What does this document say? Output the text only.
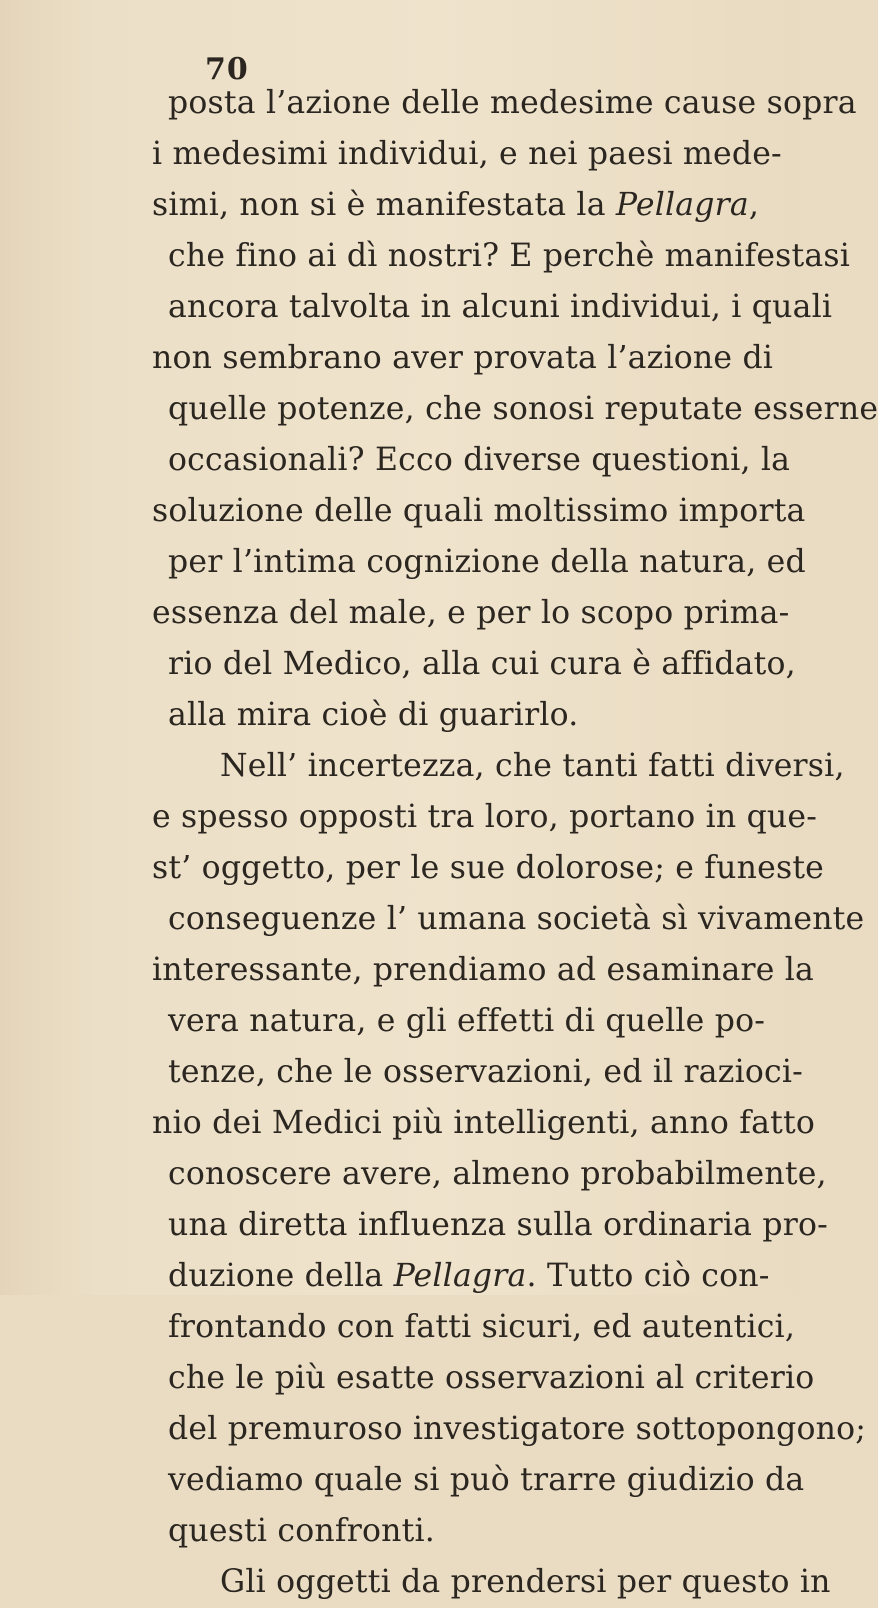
70
posta l’azione delle medesime cause sopra
i medesimi individui, e nei paesi mede-
simi, non si è manifestata la Pellagra,
che fino ai dì nostri? E perchè manifestasi
ancora talvolta in alcuni individui, i quali
non sembrano aver provata l’azione di
quelle potenze, che sonosi reputate esserne
occasionali? Ecco diverse questioni, la
soluzione delle quali moltissimo importa
per l’intima cognizione della natura, ed
essenza del male, e per lo scopo prima-
rio del Medico, alla cui cura è affidato,
alla mira cioè di guarirlo.
Nell’ incertezza, che tanti fatti diversi,
e spesso opposti tra loro, portano in que-
st’ oggetto, per le sue dolorose; e funeste
conseguenze l’ umana società sì vivamente
interessante, prendiamo ad esaminare la
vera natura, e gli effetti di quelle po-
tenze, che le osservazioni, ed il razioci-
nio dei Medici più intelligenti, anno fatto
conoscere avere, almeno probabilmente,
una diretta influenza sulla ordinaria pro-
duzione della Pellagra. Tutto ciò con-
frontando con fatti sicuri, ed autentici,
che le più esatte osservazioni al criterio
del premuroso investigatore sottopongono;
vediamo quale si può trarre giudizio da
questi confronti.
Gli oggetti da prendersi per questo in
